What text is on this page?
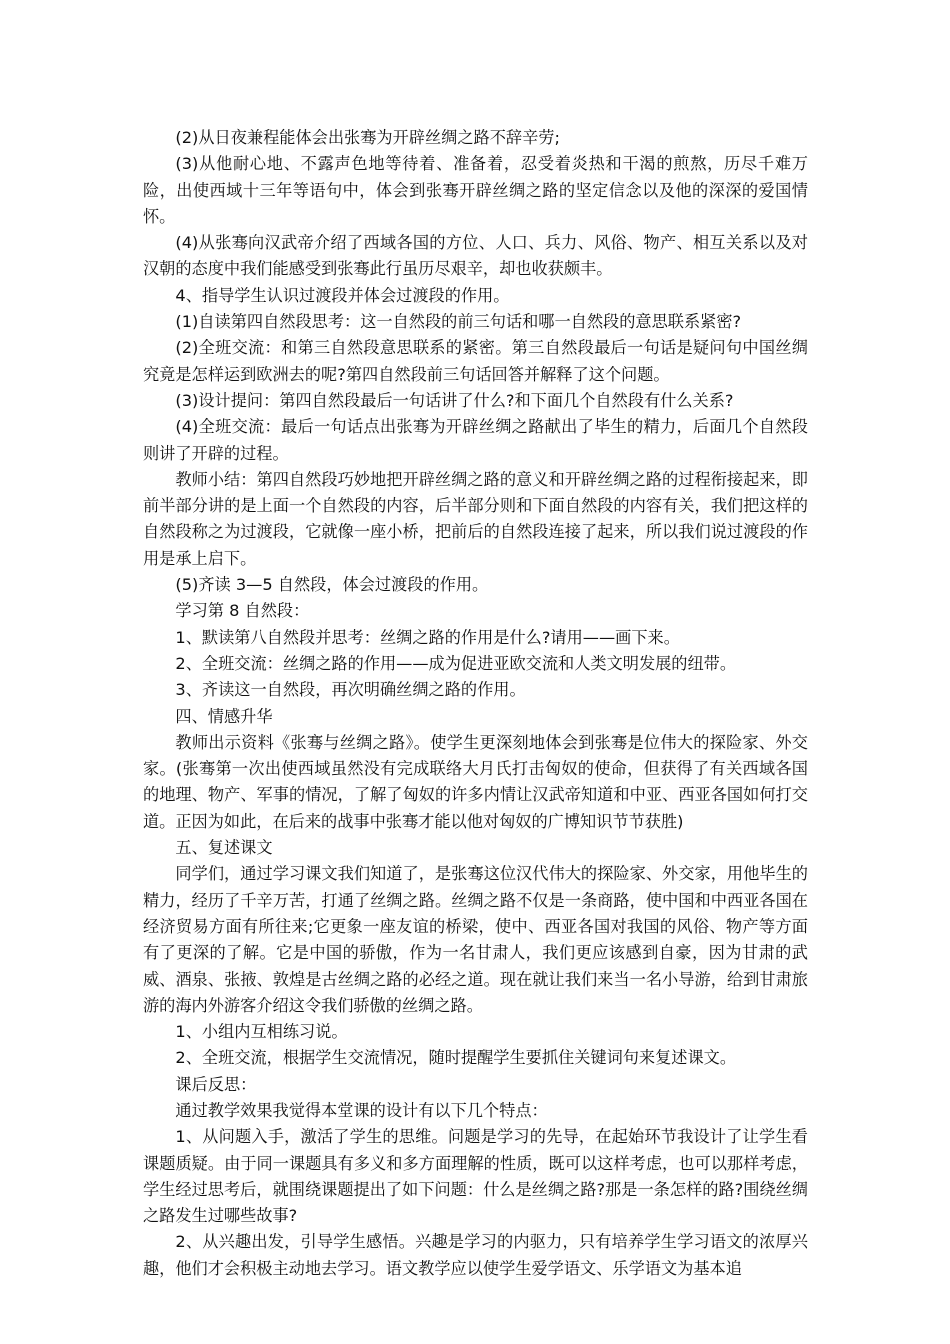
(2)从日夜兼程能体会出张骞为开辟丝绸之路不辞辛劳;

(3)从他耐心地、不露声色地等待着、准备着，忍受着炎热和干渴的煎熬，历尽千难万险，出使西域十三年等语句中，体会到张骞开辟丝绸之路的坚定信念以及他的深深的爱国情怀。

(4)从张骞向汉武帝介绍了西域各国的方位、人口、兵力、风俗、物产、相互关系以及对汉朝的态度中我们能感受到张骞此行虽历尽艰辛，却也收获颇丰。

4、指导学生认识过渡段并体会过渡段的作用。

(1)自读第四自然段思考：这一自然段的前三句话和哪一自然段的意思联系紧密?

(2)全班交流：和第三自然段意思联系的紧密。第三自然段最后一句话是疑问句中国丝绸究竟是怎样运到欧洲去的呢?第四自然段前三句话回答并解释了这个问题。

(3)设计提问：第四自然段最后一句话讲了什么?和下面几个自然段有什么关系?

(4)全班交流：最后一句话点出张骞为开辟丝绸之路献出了毕生的精力，后面几个自然段则讲了开辟的过程。

教师小结：第四自然段巧妙地把开辟丝绸之路的意义和开辟丝绸之路的过程衔接起来，即前半部分讲的是上面一个自然段的内容，后半部分则和下面自然段的内容有关，我们把这样的自然段称之为过渡段，它就像一座小桥，把前后的自然段连接了起来，所以我们说过渡段的作用是承上启下。

(5)齐读 3—5 自然段，体会过渡段的作用。

学习第 8 自然段：

1、默读第八自然段并思考：丝绸之路的作用是什么?请用——画下来。

2、全班交流：丝绸之路的作用——成为促进亚欧交流和人类文明发展的纽带。

3、齐读这一自然段，再次明确丝绸之路的作用。

四、情感升华

教师出示资料《张骞与丝绸之路》。使学生更深刻地体会到张骞是位伟大的探险家、外交家。(张骞第一次出使西域虽然没有完成联络大月氏打击匈奴的使命，但获得了有关西域各国的地理、物产、军事的情况，了解了匈奴的许多内情让汉武帝知道和中亚、西亚各国如何打交道。正因为如此，在后来的战事中张骞才能以他对匈奴的广博知识节节获胜)

五、复述课文

同学们，通过学习课文我们知道了，是张骞这位汉代伟大的探险家、外交家，用他毕生的精力，经历了千辛万苦，打通了丝绸之路。丝绸之路不仅是一条商路，使中国和中西亚各国在经济贸易方面有所往来;它更象一座友谊的桥梁，使中、西亚各国对我国的风俗、物产等方面有了更深的了解。它是中国的骄傲，作为一名甘肃人，我们更应该感到自豪，因为甘肃的武威、酒泉、张掖、敦煌是古丝绸之路的必经之道。现在就让我们来当一名小导游，给到甘肃旅游的海内外游客介绍这令我们骄傲的丝绸之路。

1、小组内互相练习说。

2、全班交流，根据学生交流情况，随时提醒学生要抓住关键词句来复述课文。

课后反思：

通过教学效果我觉得本堂课的设计有以下几个特点：

1、从问题入手，激活了学生的思维。问题是学习的先导，在起始环节我设计了让学生看课题质疑。由于同一课题具有多义和多方面理解的性质，既可以这样考虑，也可以那样考虑，学生经过思考后，就围绕课题提出了如下问题：什么是丝绸之路?那是一条怎样的路?围绕丝绸之路发生过哪些故事?

2、从兴趣出发，引导学生感悟。兴趣是学习的内驱力，只有培养学生学习语文的浓厚兴趣，他们才会积极主动地去学习。语文教学应以使学生爱学语文、乐学语文为基本追
